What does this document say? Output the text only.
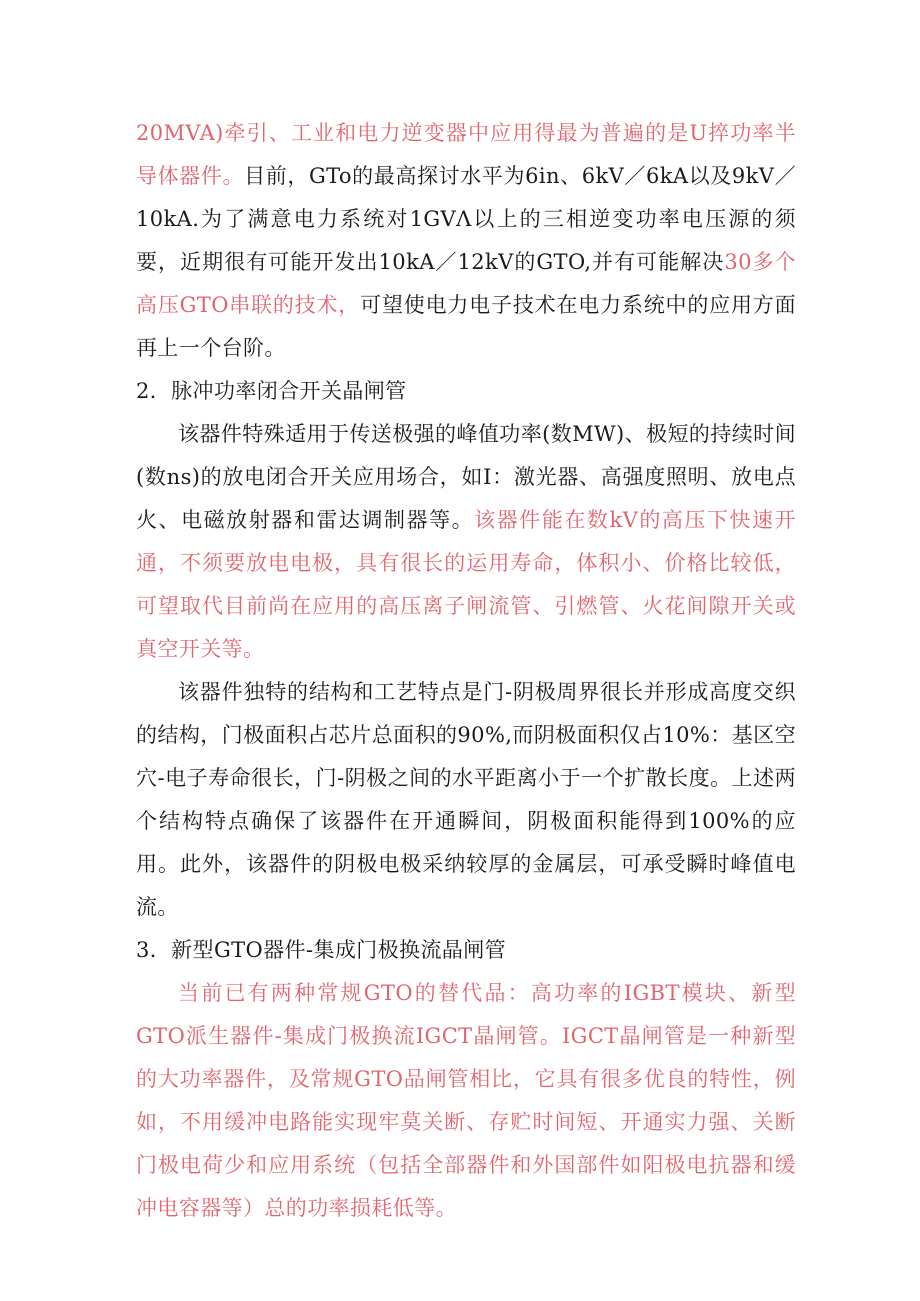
20MVA)牵引、工业和电力逆变器中应用得最为普遍的是U捽功率半导体器件。目前，GTo的最高探讨水平为6in、6kV／6kA以及9kV／10kA.为了满意电力系统对1GVΛ以上的三相逆变功率电压源的须要，近期很有可能开发出10kA／12kV的GTO,并有可能解决30多个高压GTO串联的技术，可望使电力电子技术在电力系统中的应用方面再上一个台阶。

2．脉冲功率闭合开关晶闸管

该器件特殊适用于传送极强的峰值功率(数MW)、极短的持续时间(数ns)的放电闭合开关应用场合，如I：激光器、高强度照明、放电点火、电磁放射器和雷达调制器等。该器件能在数kV的高压下快速开通，不须要放电电极，具有很长的运用寿命，体积小、价格比较低，可望取代目前尚在应用的高压离子闸流管、引燃管、火花间隙开关或真空开关等。

该器件独特的结构和工艺特点是门-阴极周界很长并形成高度交织的结构，门极面积占芯片总面积的90%,而阴极面积仅占10%：基区空穴-电子寿命很长，门-阴极之间的水平距离小于一个扩散长度。上述两个结构特点确保了该器件在开通瞬间，阴极面积能得到100%的应用。此外，该器件的阴极电极采纳较厚的金属层，可承受瞬时峰值电流。

3．新型GTO器件-集成门极换流晶闸管

当前已有两种常规GTO的替代品：高功率的IGBT模块、新型GTO派生器件-集成门极换流IGCT晶闸管。IGCT晶闸管是一种新型的大功率器件，及常规GTO品闸管相比，它具有很多优良的特性，例如，不用缓冲电路能实现牢莫关断、存贮时间短、开通实力强、关断门极电荷少和应用系统（包括全部器件和外国部件如阳极电抗器和缓冲电容器等）总的功率损耗低等。
